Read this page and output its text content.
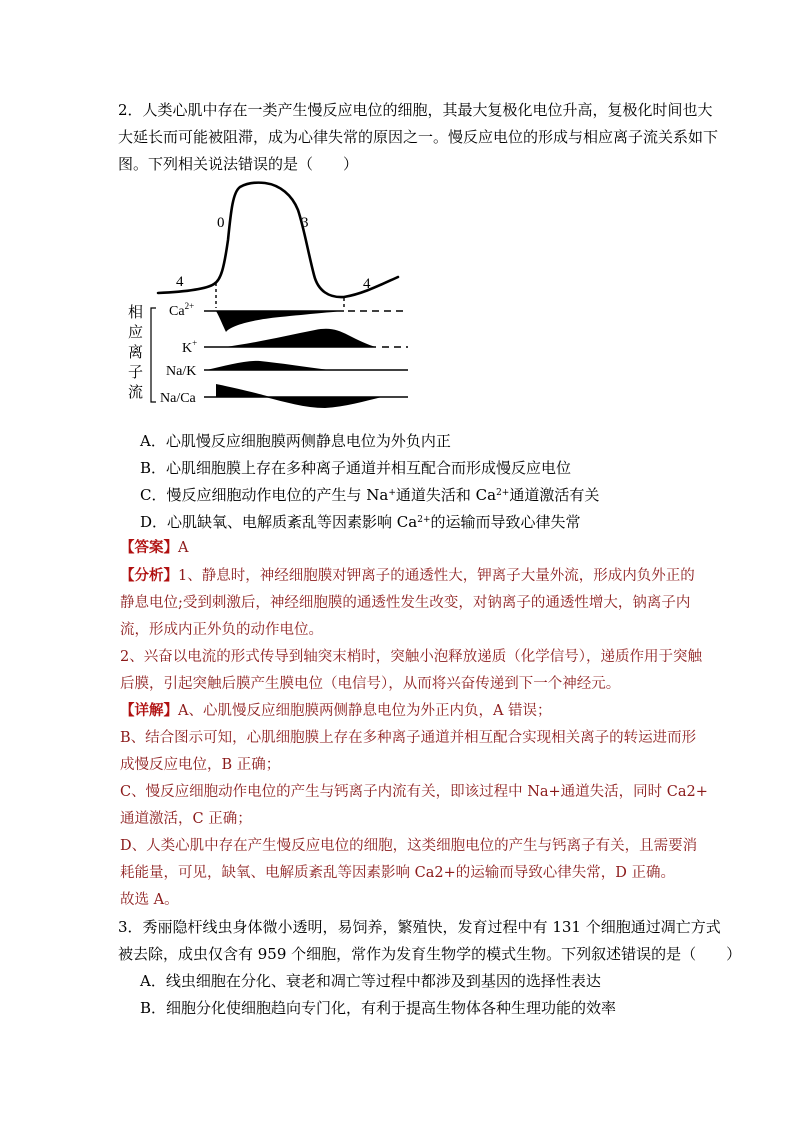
2．人类心肌中存在一类产生慢反应电位的细胞，其最大复极化电位升高，复极化时间也大
大延长而可能被阻滞，成为心律失常的原因之一。慢反应电位的形成与相应离子流关系如下
图。下列相关说法错误的是（　　）
0	3
4	4
相
应
离
子
流
$Ca^{2+}$
K+
Na/K
Na/Ca
A．心肌慢反应细胞膜两侧静息电位为外负内正
B．心肌细胞膜上存在多种离子通道并相互配合而形成慢反应电位
C．慢反应细胞动作电位的产生与 Na+通道失活和 $Ca^{2+}$通道激活有关
D．心肌缺氧、电解质紊乱等因素影响 $Ca^{2+}$的运输而导致心律失常
【答案】A
【分析】1、静息时，神经细胞膜对钾离子的通透性大，钾离子大量外流，形成内负外正的
静息电位;受到刺激后，神经细胞膜的通透性发生改变，对钠离子的通透性增大，钠离子内
流，形成内正外负的动作电位。
2、兴奋以电流的形式传导到轴突末梢时，突触小泡释放递质（化学信号），递质作用于突触
后膜，引起突触后膜产生膜电位（电信号），从而将兴奋传递到下一个神经元。
【详解】A、心肌慢反应细胞膜两侧静息电位为外正内负，A 错误；
B、结合图示可知，心肌细胞膜上存在多种离子通道并相互配合实现相关离子的转运进而形
成慢反应电位，B 正确；
C、慢反应细胞动作电位的产生与钙离子内流有关，即该过程中 Na+通道失活，同时 Ca2+
通道激活，C 正确；
D、人类心肌中存在产生慢反应电位的细胞，这类细胞电位的产生与钙离子有关，且需要消
耗能量，可见，缺氧、电解质紊乱等因素影响 Ca2+的运输而导致心律失常，D 正确。
故选 A。
3．秀丽隐杆线虫身体微小透明，易饲养，繁殖快，发育过程中有 131 个细胞通过凋亡方式
被去除，成虫仅含有 959 个细胞，常作为发育生物学的模式生物。下列叙述错误的是（　　）
A．线虫细胞在分化、衰老和凋亡等过程中都涉及到基因的选择性表达
B．细胞分化使细胞趋向专门化，有利于提高生物体各种生理功能的效率
